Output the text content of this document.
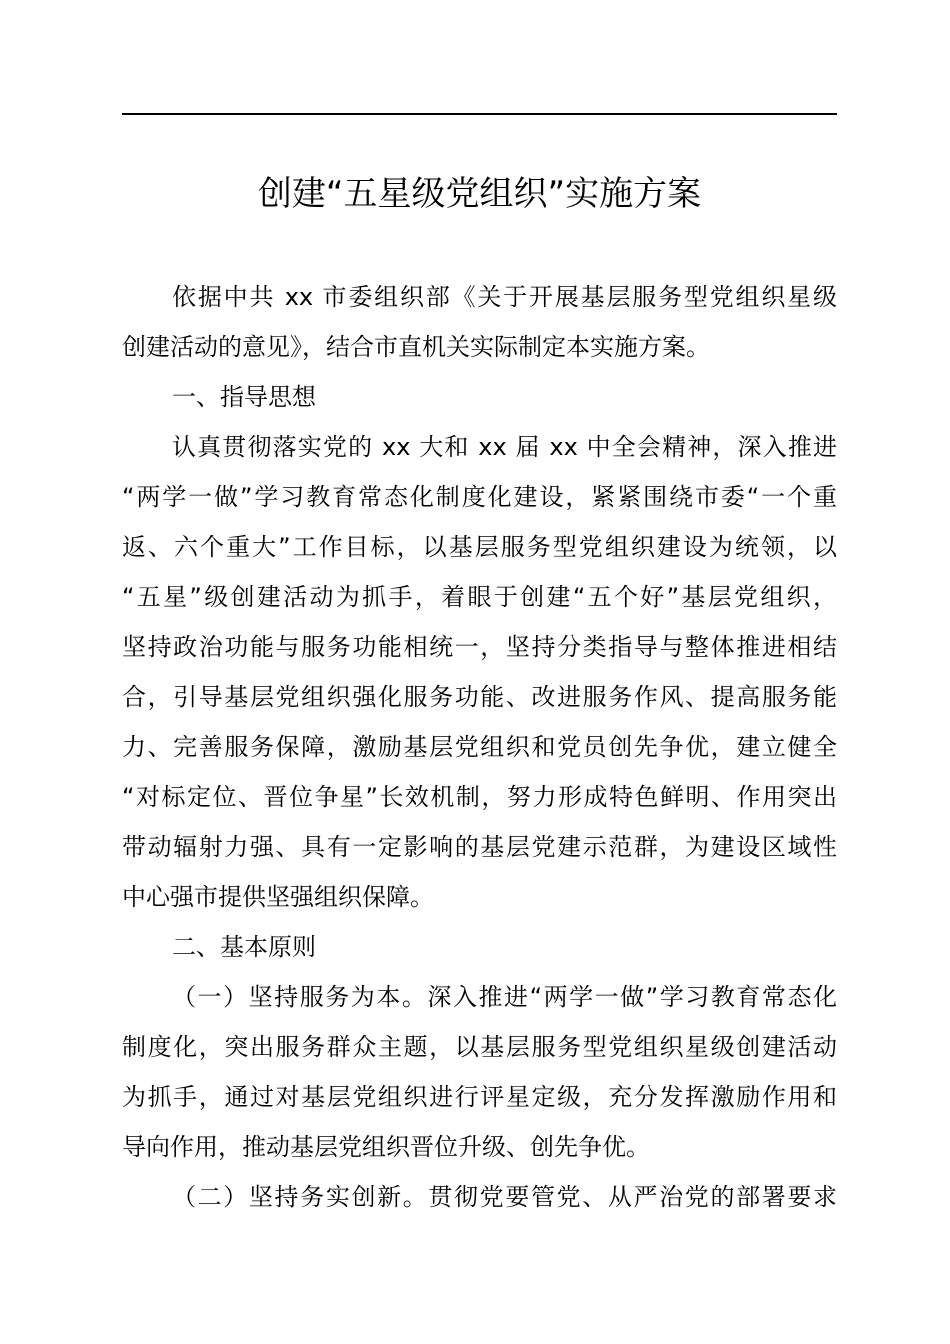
创建“五星级党组织”实施方案
依据中共 xx 市委组织部《关于开展基层服务型党组织星级
创建活动的意见》，结合市直机关实际制定本实施方案。
一、指导思想
认真贯彻落实党的 xx 大和 xx 届 xx 中全会精神，深入推进
“两学一做”学习教育常态化制度化建设，紧紧围绕市委“一个重
返、六个重大”工作目标，以基层服务型党组织建设为统领，以
“五星”级创建活动为抓手，着眼于创建“五个好”基层党组织，
坚持政治功能与服务功能相统一，坚持分类指导与整体推进相结
合，引导基层党组织强化服务功能、改进服务作风、提高服务能
力、完善服务保障，激励基层党组织和党员创先争优，建立健全
“对标定位、晋位争星”长效机制，努力形成特色鲜明、作用突出
带动辐射力强、具有一定影响的基层党建示范群，为建设区域性
中心强市提供坚强组织保障。
二、基本原则
（一）坚持服务为本。深入推进“两学一做”学习教育常态化
制度化，突出服务群众主题，以基层服务型党组织星级创建活动
为抓手，通过对基层党组织进行评星定级，充分发挥激励作用和
导向作用，推动基层党组织晋位升级、创先争优。
（二）坚持务实创新。贯彻党要管党、从严治党的部署要求
